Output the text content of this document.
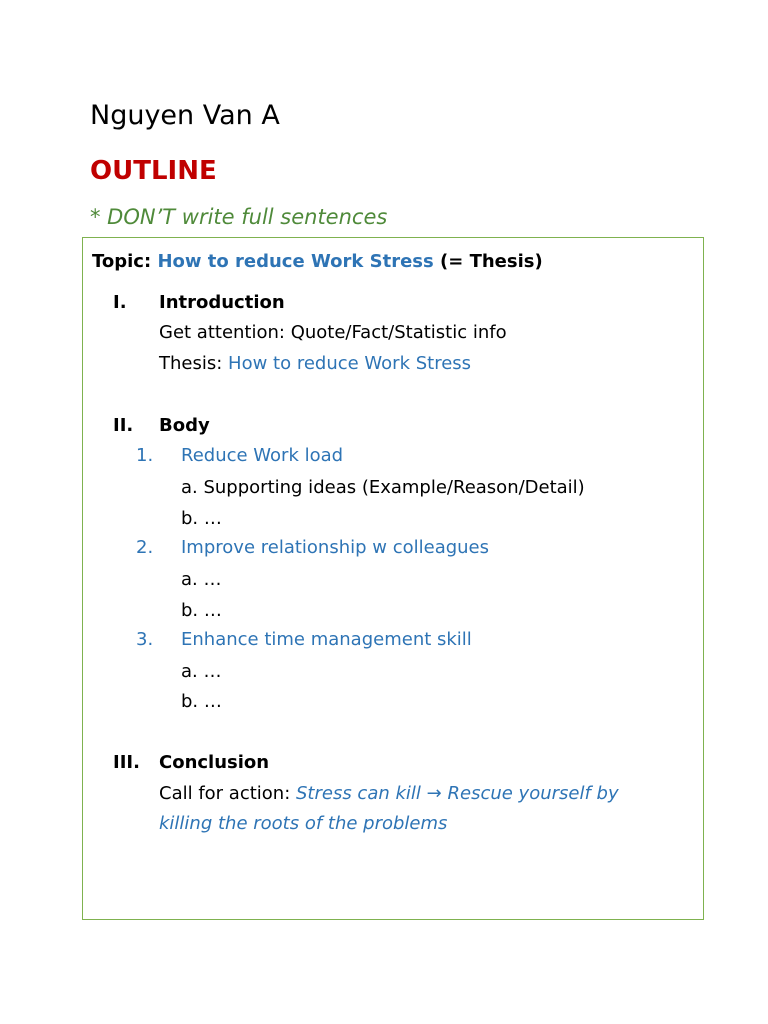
Nguyen Van A
OUTLINE
* DON’T write full sentences
Topic: How to reduce Work Stress (= Thesis)
I. Introduction
Get attention: Quote/Fact/Statistic info
Thesis: How to reduce Work Stress
II. Body
1. Reduce Work load
a. Supporting ideas (Example/Reason/Detail)
b. …
2. Improve relationship w colleagues
a. …
b. …
3. Enhance time management skill
a. …
b. …
III. Conclusion
Call for action: Stress can kill → Rescue yourself by
killing the roots of the problems
